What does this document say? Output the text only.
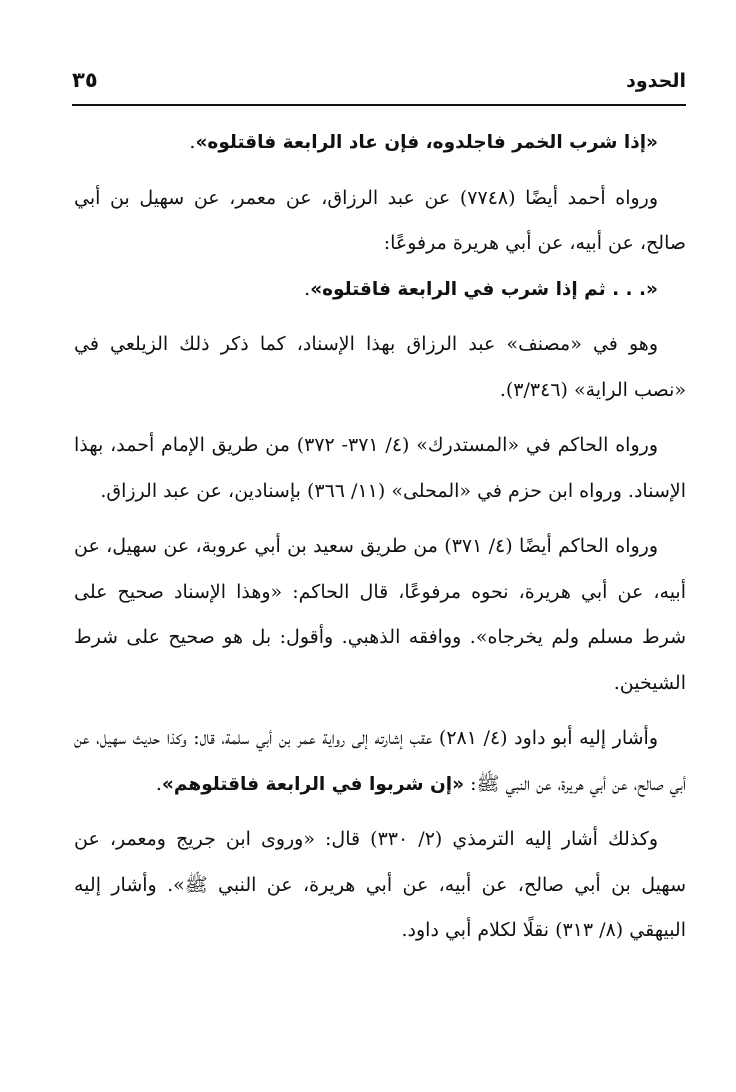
الحدود
٣٥

«إذا شرب الخمر فاجلدوه، فإن عاد الرابعة فاقتلوه».

ورواه أحمد أيضًا (٧٧٤٨) عن عبد الرزاق، عن معمر، عن سهيل بن أبي صالح، عن أبيه، عن أبي هريرة مرفوعًا:

«. . . ثم إذا شرب في الرابعة فاقتلوه».

وهو في «مصنف» عبد الرزاق بهذا الإسناد، كما ذكر ذلك الزيلعي في «نصب الراية» (٣/٣٤٦).

ورواه الحاكم في «المستدرك» (٤/ ٣٧١- ٣٧٢) من طريق الإمام أحمد، بهذا الإسناد. ورواه ابن حزم في «المحلى» (١١/ ٣٦٦) بإسنادين، عن عبد الرزاق.

ورواه الحاكم أيضًا (٤/ ٣٧١) من طريق سعيد بن أبي عروبة، عن سهيل، عن أبيه، عن أبي هريرة، نحوه مرفوعًا، قال الحاكم: «وهذا الإسناد صحيح على شرط مسلم ولم يخرجاه». ووافقه الذهبي. وأقول: بل هو صحيح على شرط الشيخين.

وأشار إليه أبو داود (٤/ ٢٨١) عقب إشارته إلى رواية عمر بن أبي سلمة، قال: وكذا حديث سهيل، عن أبي صالح، عن أبي هريرة، عن النبي ﷺ: «إن شربوا في الرابعة فاقتلوهم».

وكذلك أشار إليه الترمذي (٢/ ٣٣٠) قال: «وروى ابن جريج ومعمر، عن سهيل بن أبي صالح، عن أبيه، عن أبي هريرة، عن النبي ﷺ». وأشار إليه البيهقي (٨/ ٣١٣) نقلًا لكلام أبي داود.
